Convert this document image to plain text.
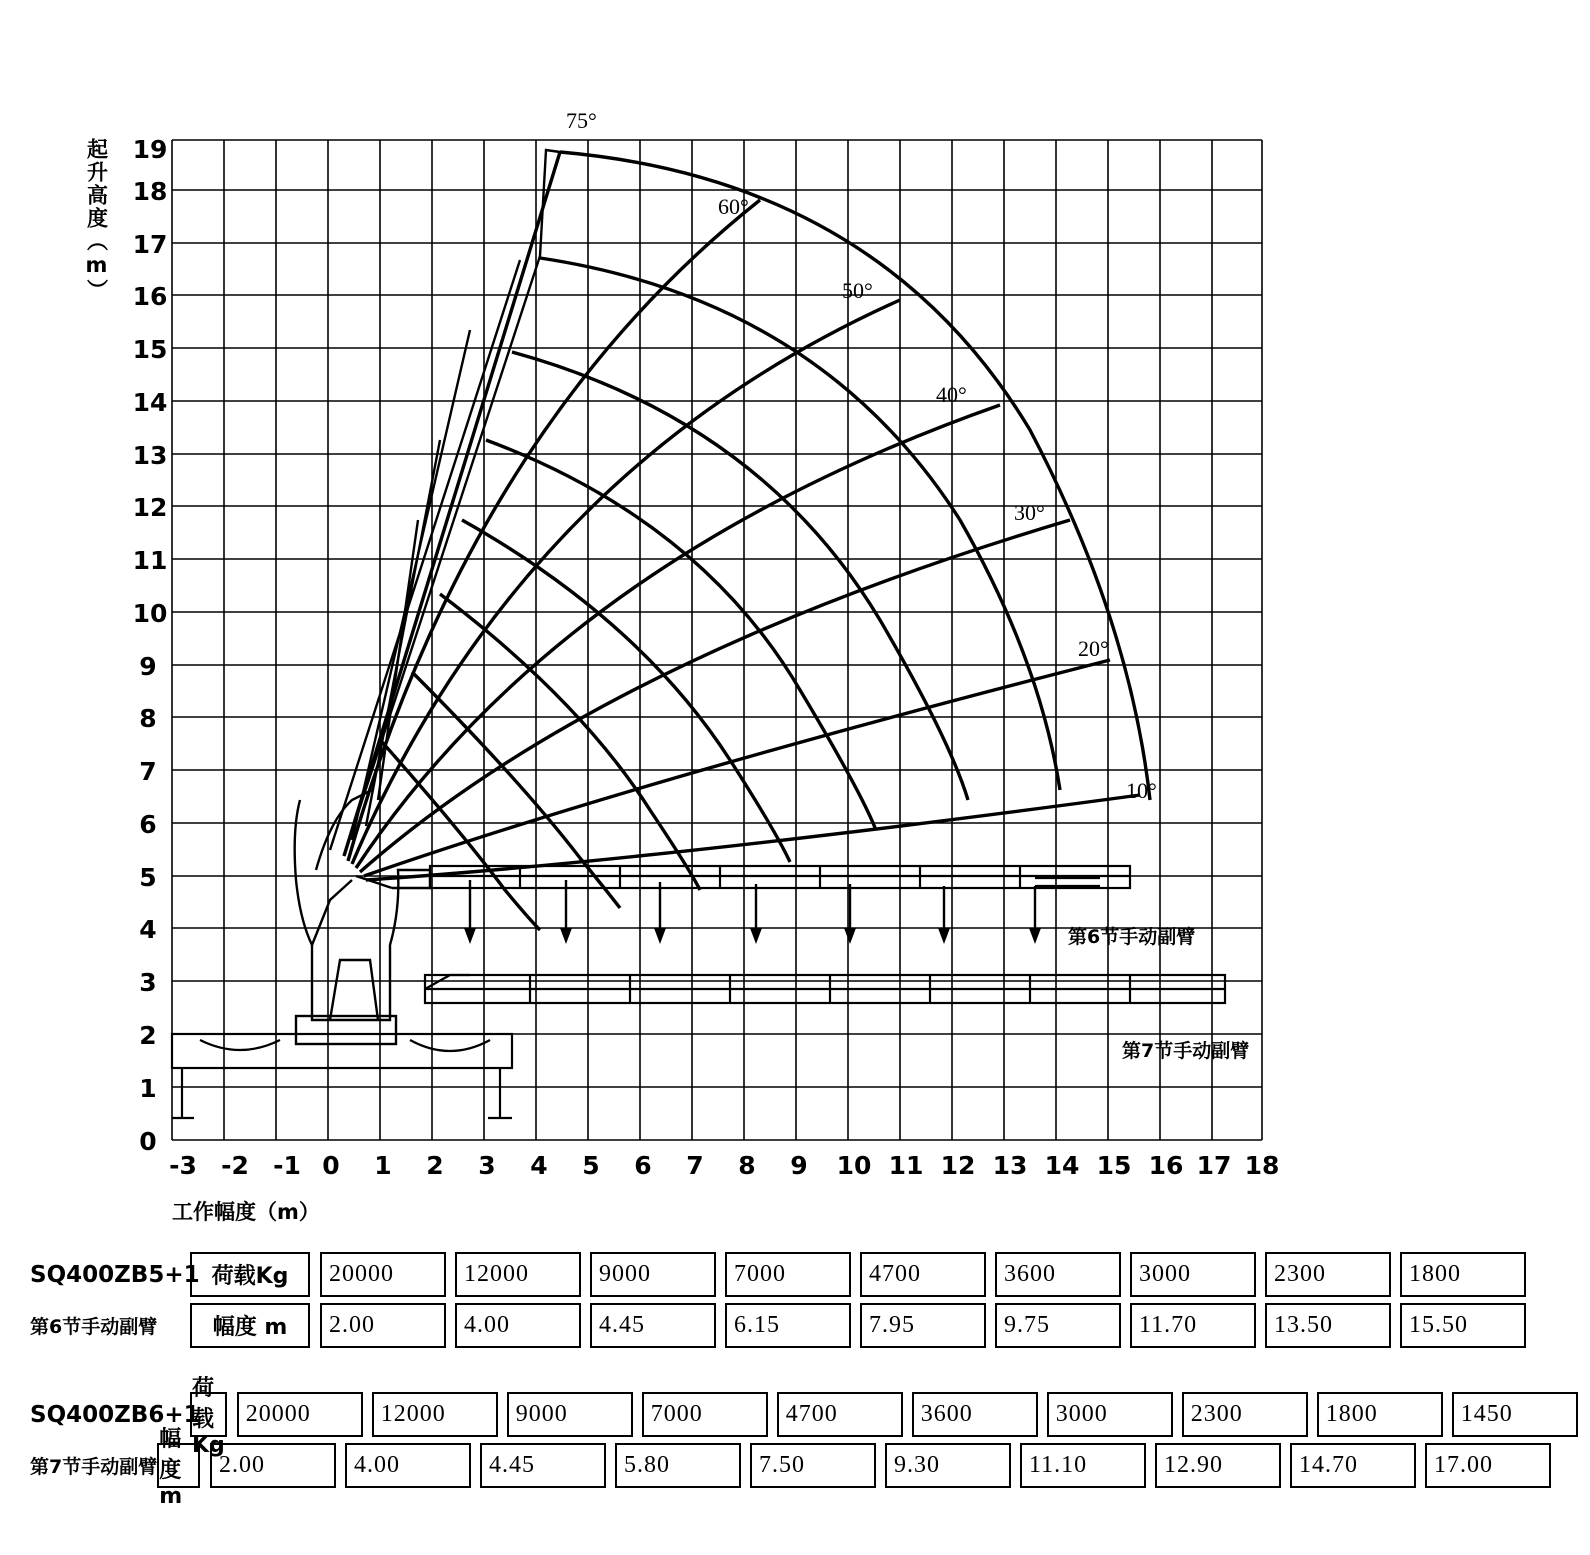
-3 -2 -1 0 1 2 3 4 5 6 7 8 9 10 11 12 13 14 15 16 17 18
0
1
2
3
4
5
6
7
8
9
10
11
12
13
14
15
16
17
18
19
起升高度（m）
工作幅度（m）
75°
60°
50°
40°
30°
20°
10°
第6节手动副臂
第7节手动副臂
SQ400ZB5+1 荷载Kg	20000	12000	9000	7000	4700	3600	3000	2300	1800
第6节手动副臂	幅度 m	2.00	4.00	4.45	6.15	7.95	9.75	11.70	13.50	15.50
SQ400ZB6+1
荷载Kg
20000	12000	9000	7000	4700	3600	3000	2300	1800	1450
第7节手动副臂
幅度 m
2.00	4.00	4.45	5.80	7.50	9.30	11.10	12.90	14.70	17.00
